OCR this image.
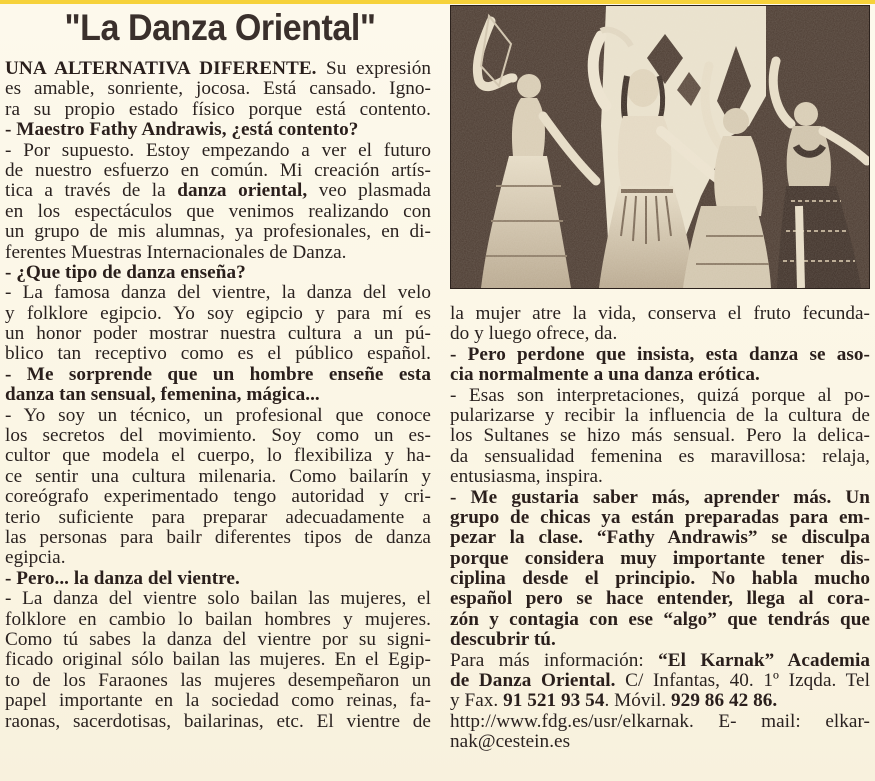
"La Danza Oriental"
UNA ALTERNATIVA DIFERENTE. Su expresión
es amable, sonriente, jocosa. Está cansado. Igno-
ra su propio estado físico porque está contento.
- Maestro Fathy Andrawis, ¿está contento?
- Por supuesto. Estoy empezando a ver el futuro
de nuestro esfuerzo en común. Mi creación artís-
tica a través de la danza oriental, veo plasmada
en los espectáculos que venimos realizando con
un grupo de mis alumnas, ya profesionales, en di-
ferentes Muestras Internacionales de Danza.
- ¿Que tipo de danza enseña?
- La famosa danza del vientre, la danza del velo
y folklore egipcio. Yo soy egipcio y para mí es
un honor poder mostrar nuestra cultura a un pú-
blico tan receptivo como es el público español.
- Me sorprende que un hombre enseñe esta
danza tan sensual, femenina, mágica...
- Yo soy un técnico, un profesional que conoce
los secretos del movimiento. Soy como un es-
cultor que modela el cuerpo, lo flexibiliza y ha-
ce sentir una cultura milenaria. Como bailarín y
coreógrafo experimentado tengo autoridad y cri-
terio suficiente para preparar adecuadamente a
las personas para bailr diferentes tipos de danza
egipcia.
- Pero... la danza del vientre.
- La danza del vientre solo bailan las mujeres, el
folklore en cambio lo bailan hombres y mujeres.
Como tú sabes la danza del vientre por su signi-
ficado original sólo bailan las mujeres. En el Egip-
to de los Faraones las mujeres desempeñaron un
papel importante en la sociedad como reinas, fa-
raonas, sacerdotisas, bailarinas, etc. El vientre de
la mujer atre la vida, conserva el fruto fecunda-
do y luego ofrece, da.
- Pero perdone que insista, esta danza se aso-
cia normalmente a una danza erótica.
- Esas son interpretaciones, quizá porque al po-
pularizarse y recibir la influencia de la cultura de
los Sultanes se hizo más sensual. Pero la delica-
da sensualidad femenina es maravillosa: relaja,
entusiasma, inspira.
- Me gustaria saber más, aprender más. Un
grupo de chicas ya están preparadas para em-
pezar la clase. “Fathy Andrawis” se disculpa
porque considera muy importante tener dis-
ciplina desde el principio. No habla mucho
español pero se hace entender, llega al cora-
zón y contagia con ese “algo” que tendrás que
descubrir tú.
Para más información: “El Karnak” Academia
de Danza Oriental. C/ Infantas, 40. 1º Izqda. Tel
y Fax. 91 521 93 54. Móvil. 929 86 42 86.
http://www.fdg.es/usr/elkarnak. E- mail: elkar-
nak@cestein.es
